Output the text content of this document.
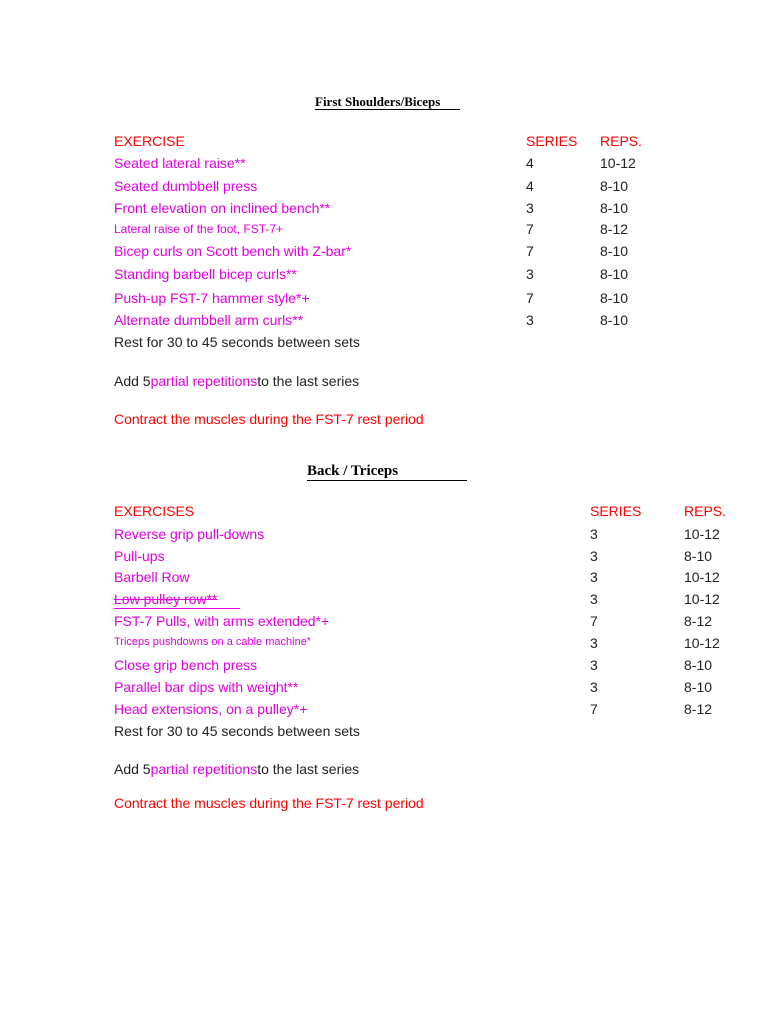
First Shoulders/Biceps
EXERCISE	SERIES REPS.
Seated lateral raise**	4	10-12
Seated dumbbell press	4	8-10
Front elevation on inclined bench**	3	8-10
Lateral raise of the foot, FST-7+	7	8-12
Bicep curls on Scott bench with Z-bar*	7	8-10
Standing barbell bicep curls**	3	8-10
Push-up FST-7 hammer style*+	7	8-10
Alternate dumbbell arm curls**	3	8-10
Rest for 30 to 45 seconds between sets
Add 5partial repetitionsto the last series
Contract the muscles during the FST-7 rest period
Back / Triceps
EXERCISES	SERIES	REPS.
Reverse grip pull-downs	3	10-12
Pull-ups	3	8-10
Barbell Row	3	10-12
Low pulley row**	3	10-12
FST-7 Pulls, with arms extended*+	7	8-12
Triceps pushdowns on a cable machine*	3	10-12
Close grip bench press	3	8-10
Parallel bar dips with weight**	3	8-10
Head extensions, on a pulley*+	7	8-12
Rest for 30 to 45 seconds between sets
Add 5partial repetitionsto the last series
Contract the muscles during the FST-7 rest period
